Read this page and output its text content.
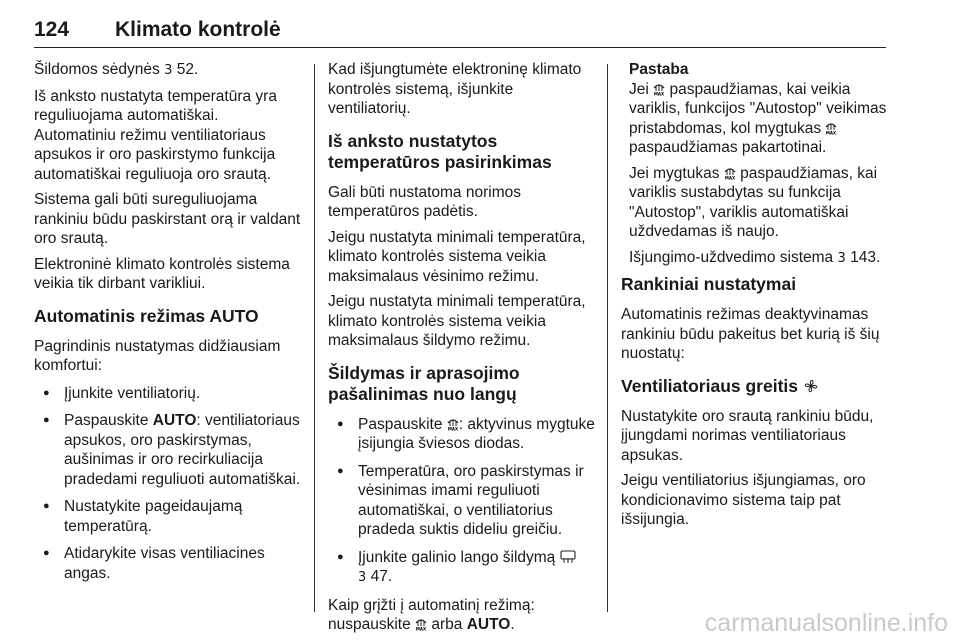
124 Klimato kontrolė

Šildomos sėdynės 3 52.

Iš anksto nustatyta temperatūra yra reguliuojama automatiškai. Automatiniu režimu ventiliatoriaus apsukos ir oro paskirstymo funkcija automatiškai reguliuoja oro srautą.

Sistema gali būti sureguliuojama rankiniu būdu paskirstant orą ir valdant oro srautą.

Elektroninė klimato kontrolės sistema veikia tik dirbant varikliui.

Automatinis režimas AUTO

Pagrindinis nustatymas didžiausiam komfortui:

● Įjunkite ventiliatorių.
● Paspauskite AUTO: ventiliatoriaus apsukos, oro paskirstymas, aušinimas ir oro recirkuliacija pradedami reguliuoti automatiškai.
● Nustatykite pageidaujamą temperatūrą.
● Atidarykite visas ventiliacines angas.

Kad išjungtumėte elektroninę klimato kontrolės sistemą, išjunkite ventiliatorių.

Iš anksto nustatytos temperatūros pasirinkimas

Gali būti nustatoma norimos temperatūros padėtis.

Jeigu nustatyta minimali temperatūra, klimato kontrolės sistema veikia maksimalaus vėsinimo režimu.

Jeigu nustatyta minimali temperatūra, klimato kontrolės sistema veikia maksimalaus šildymo režimu.

Šildymas ir aprasojimo pašalinimas nuo langų
● Paspauskite MAX : aktyvinus mygtuke įsijungia šviesos diodas.
● Temperatūra, oro paskirstymas ir vėsinimas imami reguliuoti automatiškai, o ventiliatorius pradeda suktis dideliu greičiu.
● Įjunkite galinio lango šildymą

3 47.

Kaip grįžti į automatinį režimą: nuspauskite MAX arba AUTO.

Pastaba

Jei MAX paspaudžiamas, kai veikia variklis, funkcijos "Autostop" veikimas pristabdomas, kol mygtukas MAX
paspaudžiamas pakartotinai.

Jei mygtukas MAX paspaudžiamas, kai variklis sustabdytas su funkcija "Autostop", variklis automatiškai uždvedamas iš naujo.

Išjungimo-uždvedimo sistema 3 143.

Rankiniai nustatymai

Automatinis režimas deaktyvinamas rankiniu būdu pakeitus bet kurią iš šių nuostatų:

Ventiliatoriaus greitis

Nustatykite oro srautą rankiniu būdu, įjungdami norimas ventiliatoriaus apsukas.

Jeigu ventiliatorius išjungiamas, oro kondicionavimo sistema taip pat išsijungia.

carmanualsonline.info
